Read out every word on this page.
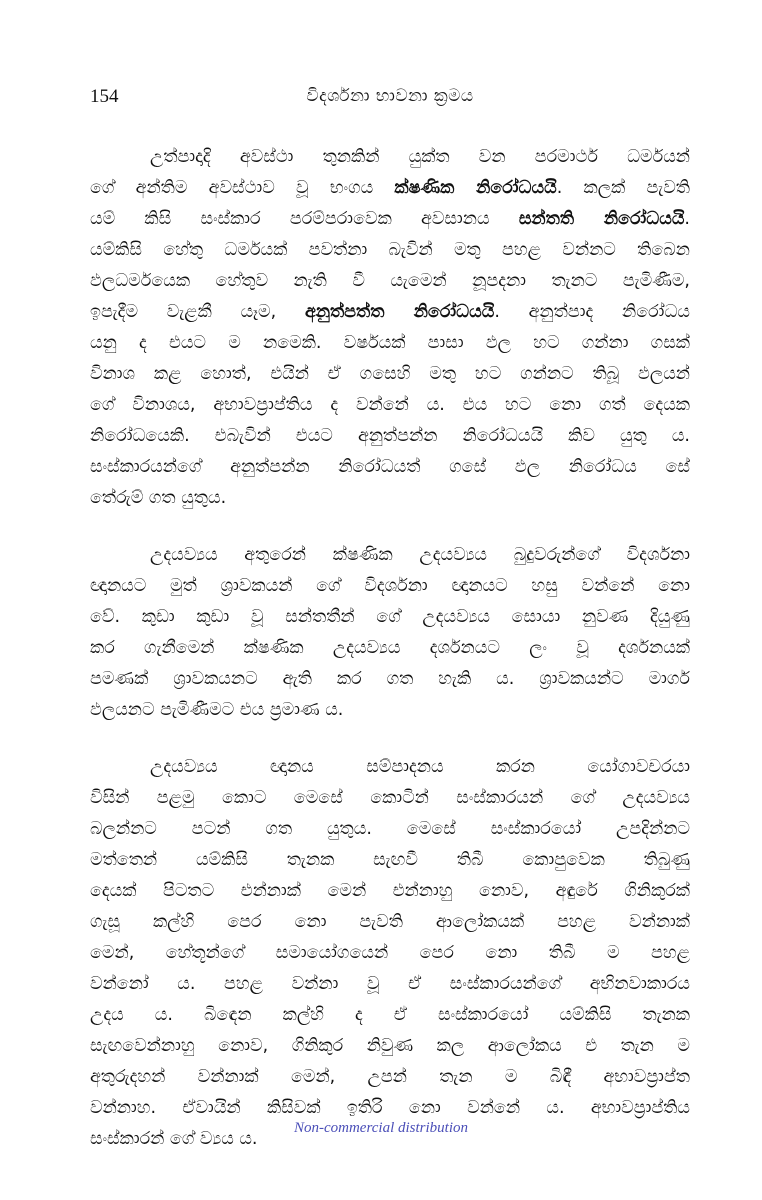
154	විදර්ශනා භාවනා ක්‍රමය
උත්පාදාදි අවස්ථා තුනකින් යුක්ත වන පරමාර්ථ ධර්මයන්
ගේ අන්තිම අවස්ථාව වූ භංගය ක්ෂණික නිරෝධයයි. කලක් පැවති
යම් කිසි සංස්කාර පරම්පරාවෙක අවසානය සන්තති නිරෝධයයි.
යම්කිසි හේතු ධර්මයක් පවත්නා බැවින් මතු පහළ වන්නට තිබෙන
ඵලධර්මයෙක හේතුව නැති වී යැමෙන් නූපදනා තැනට පැමිණීම,
ඉපැදීම වැළකී යෑම, අනුත්පත්ත නිරෝධයයි. අනුත්පාද නිරෝධය
යනු ද එයට ම නමෙකි. වර්ෂයක් පාසා ඵල හට ගන්නා ගසක්
විනාශ කළ හොත්, එයින් ඒ ගසෙහි මතු හට ගන්නට තිබූ ඵලයන්
ගේ විනාශය, අභාවප්‍රාප්තිය ද වන්නේ ය. එය හට නො ගත් දෙයක
නිරෝධයෙකි. එබැවින් එයට අනුත්පන්න නිරෝධයයි කිව යුතු ය.
සංස්කාරයන්ගේ අනුත්පන්න නිරෝධයත් ගසේ ඵල නිරෝධය සේ
තේරුම් ගත යුතුය.
උදයව්‍යය අතුරෙන් ක්ෂණික උදයව්‍යය බුදුවරුන්ගේ විදර්ශනා
ඥානයට මුත් ශ්‍රාවකයන් ගේ විදර්ශනා ඥානයට හසු වන්නේ නො
වේ. කුඩා කුඩා වූ සන්තතීන් ගේ උදයව්‍යය සොයා නුවණ දියුණු
කර ගැනීමෙන් ක්ෂණික උදයව්‍යය දර්ශනයට ලං වූ දර්ශනයක්
පමණක් ශ්‍රාවකයනට ඇති කර ගත හැකි ය. ශ්‍රාවකයන්ට මාර්ග
ඵලයනට පැමිණීමට එය ප්‍රමාණ ය.
උදයව්‍යය ඥානය සම්පාදනය කරන යෝගාවචරයා
විසින් පළමු කොට මෙසේ කොටින් සංස්කාරයන් ගේ උදයව්‍යය
බලන්නට පටන් ගත යුතුය. මෙසේ සංස්කාරයෝ උපදින්නට
මත්තෙන් යම්කිසි තැනක සැඟවී තිබී කොපුවෙක තිබුණු
දෙයක් පිටතට එන්නාක් මෙන් එන්නාහු නොව, අඳුරේ ගිනිකුරක්
ගැසූ කල්හි පෙර නො පැවති ආලෝකයක් පහළ වන්නාක්
මෙන්, හේතූන්ගේ සමායෝගයෙන් පෙර නො තිබී ම පහළ
වන්නෝ ය. පහළ වන්නා වූ ඒ සංස්කාරයන්ගේ අභිනවාකාරය
උදය ය. බිඳෙන කල්හි ද ඒ සංස්කාරයෝ යම්කිසි තැනක
සැඟවෙන්නාහු නොව, ගිනිකුර නිවුණ කල ආලෝකය එ තැන ම
අතුරුදහන් වන්නාක් මෙන්, උපන් තැන ම බිඳී අභාවප්‍රාප්ත
වන්නාහ. ඒවායින් කිසිවක් ඉතිරි නො වන්නේ ය. අභාවප්‍රාප්තිය
සංස්කාරන් ගේ ව්‍යය ය.
Non-commercial distribution
